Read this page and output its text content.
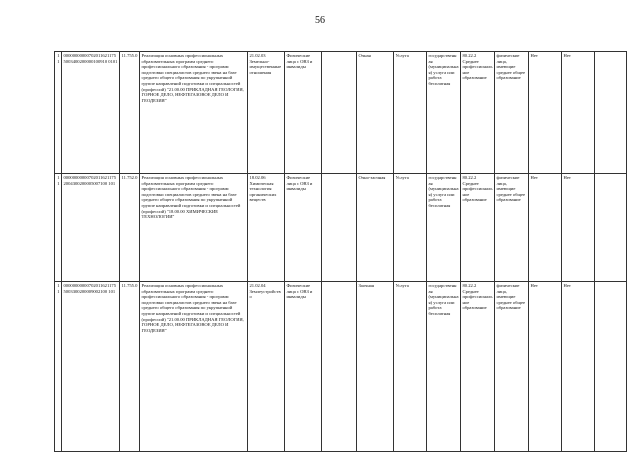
56
11	000000000007020116211755003400200000100910 0101	11.755.0	Реализация основных профессиональных образовательных программ среднего профессионального образования - программ подготовки специалистов среднего звена на базе среднего общего образования по укрупненной группе направлений подготовки и специальностей (профессий) "21.00.00 ПРИКЛАДНАЯ ГЕОЛОГИЯ, ГОРНОЕ ДЕЛО, НЕФТЕГАЗОВОЕ ДЕЛО И ГЕОДЕЗИЯ"	21.02.03 Земельно-имущественные отношения	Физические лица с ОВЗ и инвалиды		Очная	Услуга	государственная (муниципальная) услуга или работа бесплатная	80.22.2 Среднее профессиональное образование	физические лица, имеющие среднее общее образование	Нет	Нет	
11	000000000007020116211752004300200005007100 101	11.752.0	Реализация основных профессиональных образовательных программ среднего профессионального образования - программ подготовки специалистов среднего звена на базе среднего общего образования по укрупненной группе направлений подготовки и специальностей (профессий) "18.00.00 ХИМИЧЕСКИЕ ТЕХНОЛОГИИ"	18.02.06 Химическая технология органических веществ	Физические лица с ОВЗ и инвалиды		Очно-заочная	Услуга	государственная (муниципальная) услуга или работа бесплатная	80.22.2 Среднее профессиональное образование	физические лица, имеющие среднее общее образование	Нет	Нет	
11	000000000007020116211755003300200009002100 101	11.755.0	Реализация основных профессиональных образовательных программ среднего профессионального образования - программ подготовки специалистов среднего звена на базе среднего общего образования по укрупненной группе направлений подготовки и специальностей (профессий) "21.00.00 ПРИКЛАДНАЯ ГЕОЛОГИЯ, ГОРНОЕ ДЕЛО, НЕФТЕГАЗОВОЕ ДЕЛО И ГЕОДЕЗИЯ"	21.02.04 Землеустройство	Физические лица с ОВЗ и инвалиды		Заочная	Услуга	государственная (муниципальная) услуга или работа бесплатная	80.22.2 Среднее профессиональное образование	физические лица, имеющие среднее общее образование	Нет	Нет	
